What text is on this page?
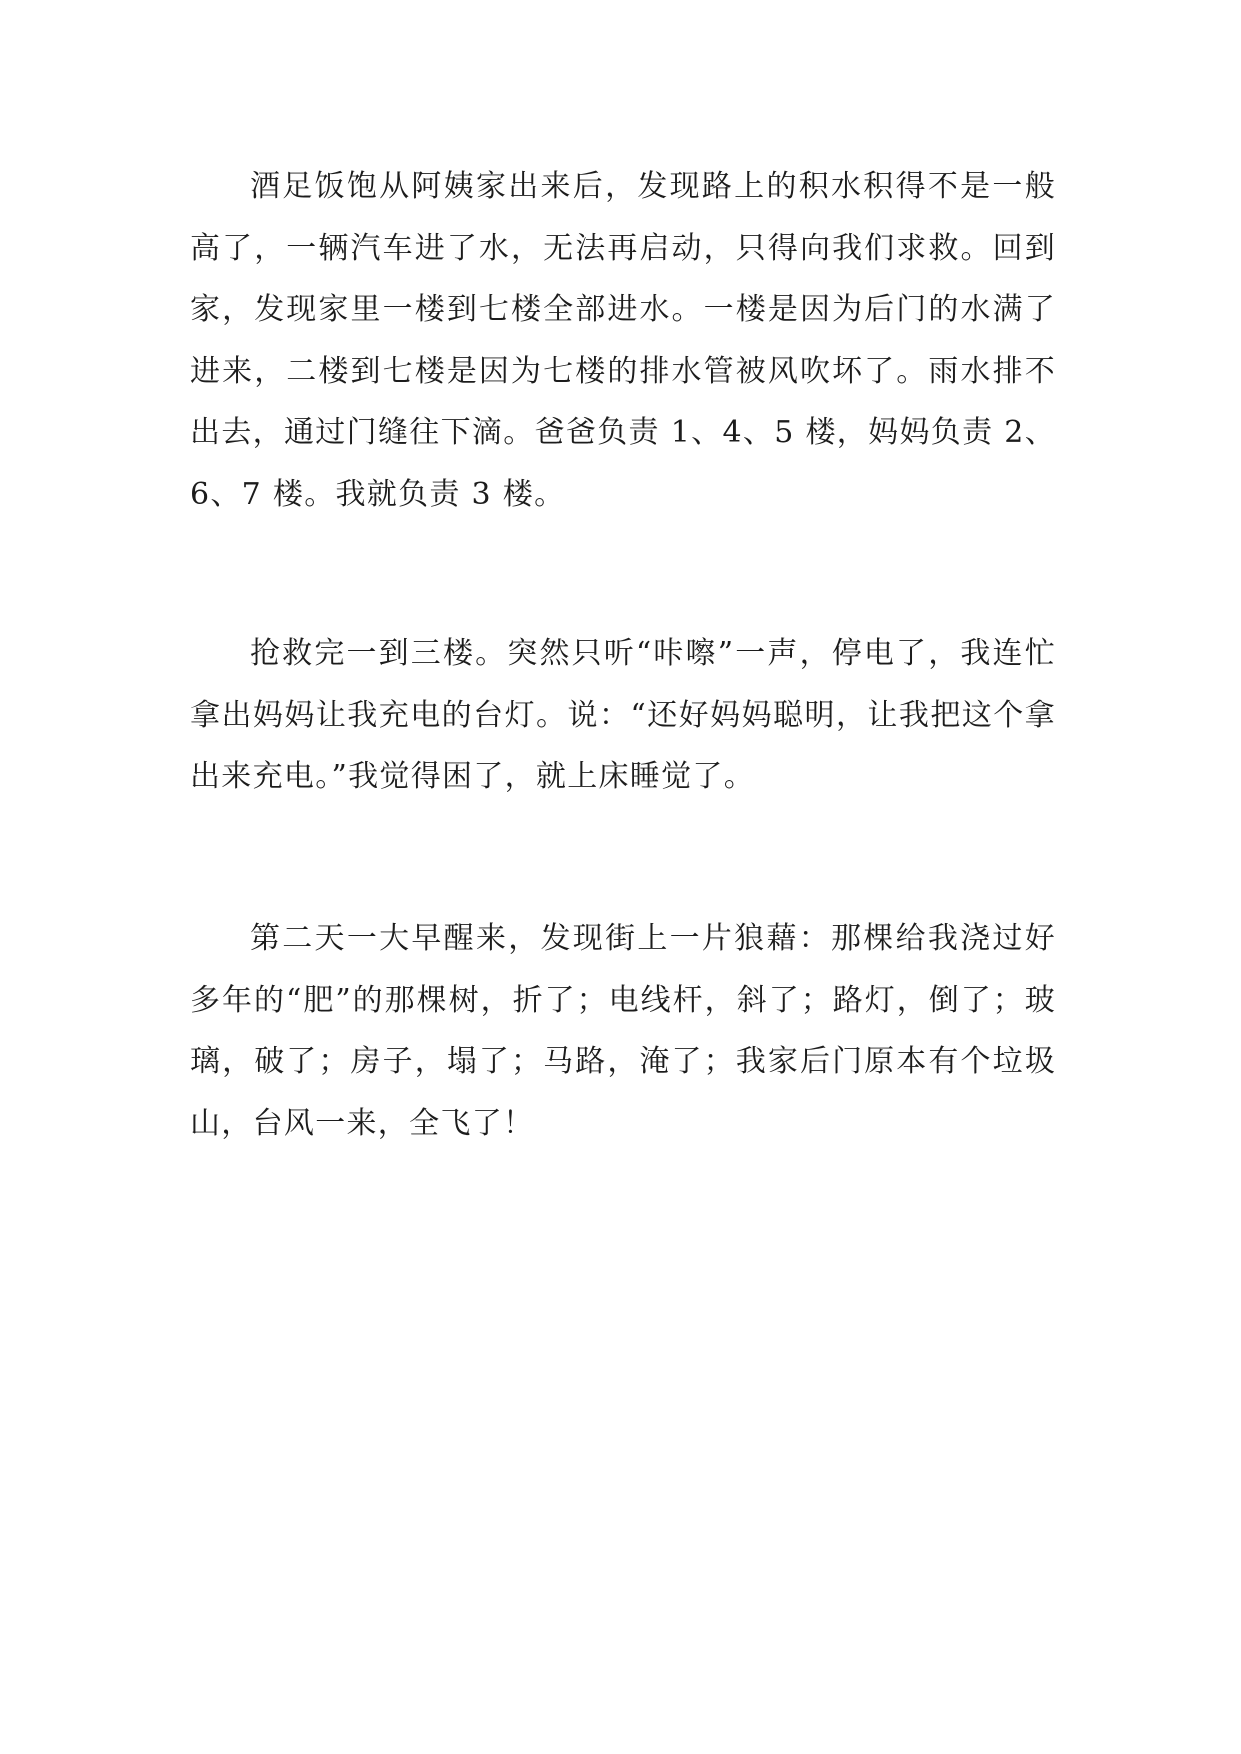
酒足饭饱从阿姨家出来后，发现路上的积水积得不是一般高了，一辆汽车进了水，无法再启动，只得向我们求救。回到家，发现家里一楼到七楼全部进水。一楼是因为后门的水满了进来，二楼到七楼是因为七楼的排水管被风吹坏了。雨水排不出去，通过门缝往下滴。爸爸负责 1、4、5 楼，妈妈负责 2、6、7 楼。我就负责 3 楼。

抢救完一到三楼。突然只听“咔嚓”一声，停电了，我连忙拿出妈妈让我充电的台灯。说：“还好妈妈聪明，让我把这个拿出来充电。”我觉得困了，就上床睡觉了。

第二天一大早醒来，发现街上一片狼藉：那棵给我浇过好多年的“肥”的那棵树，折了；电线杆，斜了；路灯，倒了；玻璃，破了；房子，塌了；马路，淹了；我家后门原本有个垃圾山，台风一来，全飞了！
